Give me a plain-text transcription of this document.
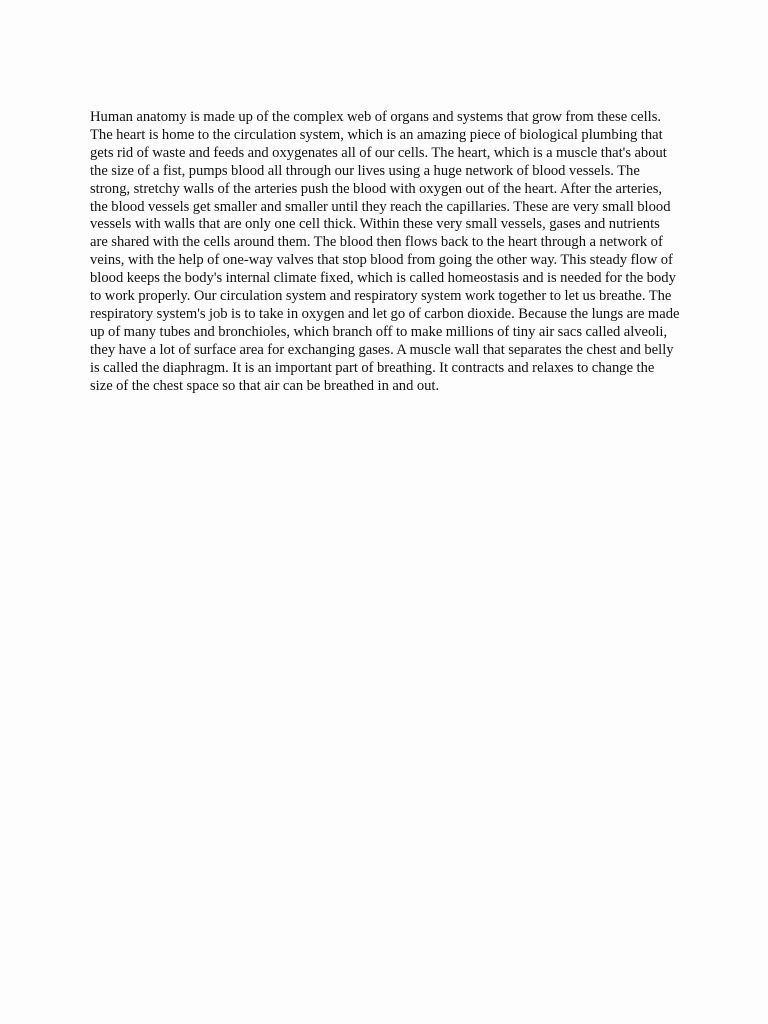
Human anatomy is made up of the complex web of organs and systems that grow from these cells. The heart is home to the circulation system, which is an amazing piece of biological plumbing that gets rid of waste and feeds and oxygenates all of our cells. The heart, which is a muscle that's about the size of a fist, pumps blood all through our lives using a huge network of blood vessels. The strong, stretchy walls of the arteries push the blood with oxygen out of the heart. After the arteries, the blood vessels get smaller and smaller until they reach the capillaries. These are very small blood vessels with walls that are only one cell thick. Within these very small vessels, gases and nutrients are shared with the cells around them. The blood then flows back to the heart through a network of veins, with the help of one-way valves that stop blood from going the other way. This steady flow of blood keeps the body's internal climate fixed, which is called homeostasis and is needed for the body to work properly. Our circulation system and respiratory system work together to let us breathe. The respiratory system's job is to take in oxygen and let go of carbon dioxide. Because the lungs are made up of many tubes and bronchioles, which branch off to make millions of tiny air sacs called alveoli, they have a lot of surface area for exchanging gases. A muscle wall that separates the chest and belly is called the diaphragm. It is an important part of breathing. It contracts and relaxes to change the size of the chest space so that air can be breathed in and out.
